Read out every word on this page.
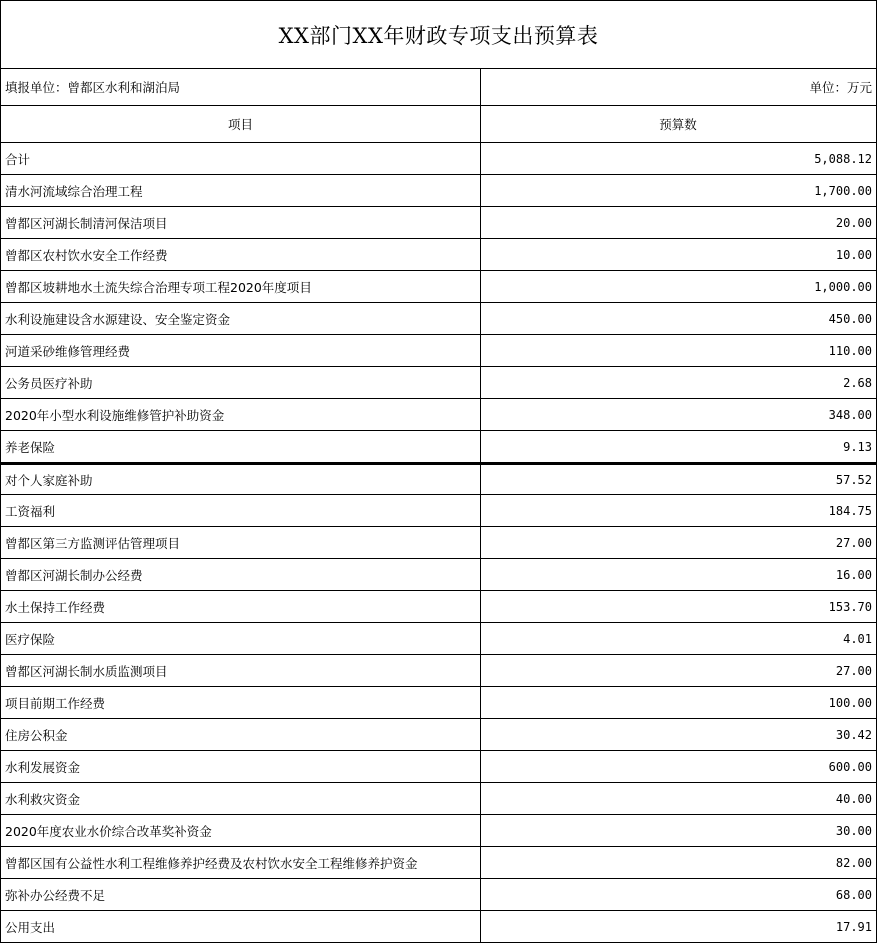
XX部门XX年财政专项支出预算表
填报单位：曾都区水利和湖泊局	单位：万元
项目	预算数
合计	5,088.12
清水河流域综合治理工程	1,700.00
曾都区河湖长制清河保洁项目	20.00
曾都区农村饮水安全工作经费	10.00
曾都区坡耕地水土流失综合治理专项工程2020年度项目	1,000.00
水利设施建设含水源建设、安全鉴定资金	450.00
河道采砂维修管理经费	110.00
公务员医疗补助	2.68
2020年小型水利设施维修管护补助资金	348.00
养老保险	9.13
对个人家庭补助	57.52
工资福利	184.75
曾都区第三方监测评估管理项目	27.00
曾都区河湖长制办公经费	16.00
水土保持工作经费	153.70
医疗保险	4.01
曾都区河湖长制水质监测项目	27.00
项目前期工作经费	100.00
住房公积金	30.42
水利发展资金	600.00
水利救灾资金	40.00
2020年度农业水价综合改革奖补资金	30.00
曾都区国有公益性水利工程维修养护经费及农村饮水安全工程维修养护资金	82.00
弥补办公经费不足	68.00
公用支出	17.91
